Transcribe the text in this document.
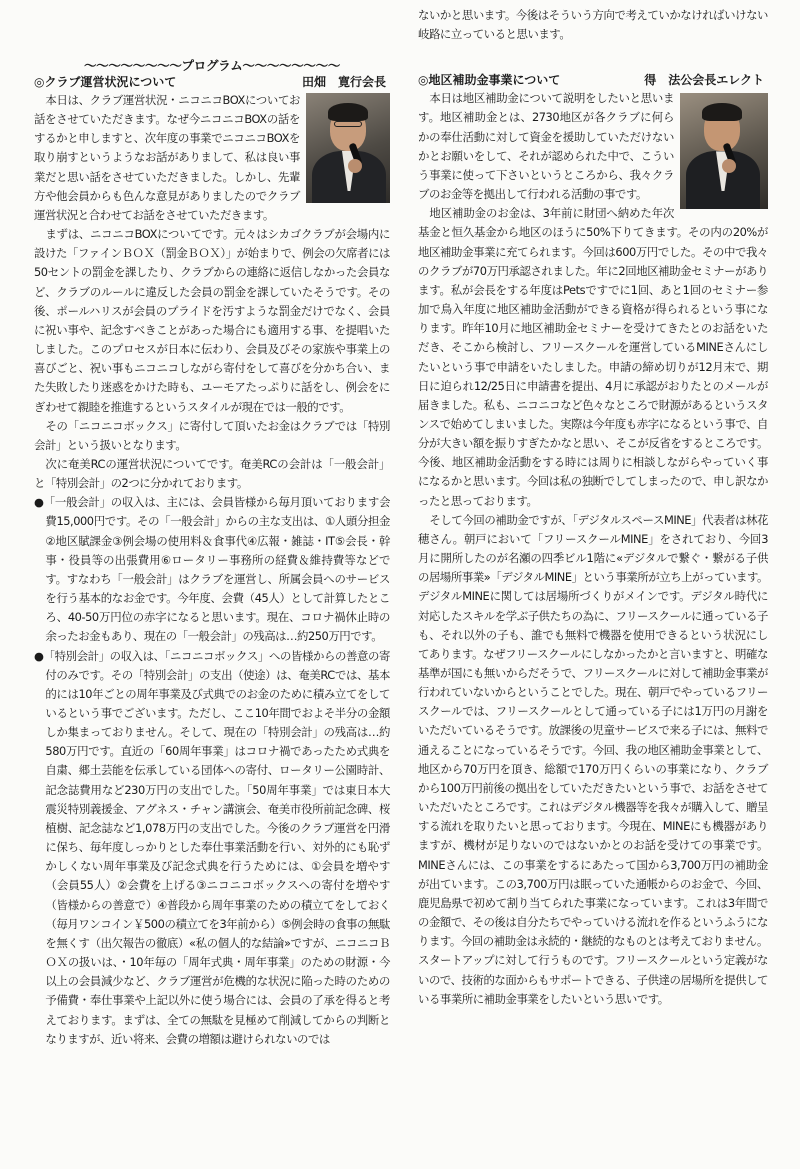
〜〜〜〜〜〜〜〜プログラム〜〜〜〜〜〜〜〜
◎クラブ運営状況について	田畑　寛行会長

本日は、クラブ運営状況・ニコニコBOXについてお話をさせていただきます。なぜ今ニコニコBOXの話をするかと申しますと、次年度の事業でニコニコBOXを取り崩すというようなお話がありまして、私は良い事業だと思い話をさせていただきました。しかし、先輩方や他会員からも色んな意見がありましたのでクラブ運営状況と合わせてお話をさせていただきます。

まずは、ニコニコBOXについてです。元々はシカゴクラブが会場内に設けた「ファインＢＯＸ（罰金ＢＯＸ）」が始まりで、例会の欠席者には50セントの罰金を課したり、クラブからの連絡に返信しなかった会員など、クラブのルールに違反した会員の罰金を課していたそうです。その後、ポールハリスが会員のプライドを汚すような罰金だけでなく、会員に祝い事や、記念すべきことがあった場合にも適用する事、を提唱いたしました。このプロセスが日本に伝わり、会員及びその家族や事業上の喜びごと、祝い事もニコニコしながら寄付をして喜びを分かち合い、また失敗したり迷惑をかけた時も、ユーモアたっぷりに話をし、例会をにぎわせて親睦を推進するというスタイルが現在では一般的です。

その「ニコニコボックス」に寄付して頂いたお金はクラブでは「特別会計」という扱いとなります。

次に奄美RCの運営状況についてです。奄美RCの会計は「一般会計」と「特別会計」の2つに分かれております。

●「一般会計」の収入は、主には、会員皆様から毎月頂いております会費15,000円です。その「一般会計」からの主な支出は、①人頭分担金②地区賦課金③例会場の使用料＆食事代④広報・雑誌・IT⑤会長・幹事・役員等の出張費用⑥ロータリー事務所の経費＆維持費等などです。すなわち「一般会計」はクラブを運営し、所属会員へのサービスを行う基本的なお金です。今年度、会費（45人）として計算したところ、40-50万円位の赤字になると思います。現在、コロナ禍休止時の余ったお金もあり、現在の「一般会計」の残高は…約250万円です。

●「特別会計」の収入は、「ニコニコボックス」への皆様からの善意の寄付のみです。その「特別会計」の支出（使途）は、奄美RCでは、基本的には10年ごとの周年事業及び式典でのお金のために積み立てをしているという事でございます。ただし、ここ10年間でおよそ半分の金額しか集まっておりません。そして、現在の「特別会計」の残高は…約580万円です。直近の「60周年事業」はコロナ禍であったため式典を自粛、郷土芸能を伝承している団体への寄付、ロータリー公園時計、記念誌費用など230万円の支出でした。「50周年事業」では東日本大震災特別義援金、アグネス・チャン講演会、奄美市役所前記念碑、桜植樹、記念誌など1,078万円の支出でした。今後のクラブ運営を円滑に保ち、毎年度しっかりとした奉仕事業活動を行い、対外的にも恥ずかしくない周年事業及び記念式典を行うためには、①会員を増やす（会員55人）②会費を上げる③ニコニコボックスへの寄付を増やす（皆様からの善意で）④普段から周年事業のための積立てをしておく（毎月ワンコイン￥500の積立てを3年前から）⑤例会時の食事の無駄を無くす（出欠報告の徹底）«私の個人的な結論»ですが、ニコニコＢＯＸの扱いは、・10年毎の「周年式典・周年事業」のための財源・今以上の会員減少など、クラブ運営が危機的な状況に陥った時のための予備費・奉仕事業や上記以外に使う場合には、会員の了承を得ると考えております。まずは、全ての無駄を見極めて削減してからの判断となりますが、近い将来、会費の増額は避けられないのでは

ないかと思います。今後はそういう方向で考えていかなければいけない岐路に立っていると思います。

◎地区補助金事業について	得　法公会長エレクト

本日は地区補助金について説明をしたいと思います。地区補助金とは、2730地区が各クラブに何らかの奉仕活動に対して資金を援助していただけないかとお願いをして、それが認められた中で、こういう事業に使って下さいというところから、我々クラブのお金等を拠出して行われる活動の事です。

地区補助金のお金は、3年前に財団へ納めた年次基金と恒久基金から地区のほうに50%下りてきます。その内の20%が地区補助金事業に充てられます。今回は600万円でした。その中で我々のクラブが70万円承認されました。年に2回地区補助金セミナーがあります。私が会長をする年度はPetsですでに1回、あと1回のセミナー参加で鳥入年度に地区補助金活動ができる資格が得られるという事になります。昨年10月に地区補助金セミナーを受けてきたとのお話をいただき、そこから検討し、フリースクールを運営しているMINEさんにしたいという事で申請をいたしました。申請の締め切りが12月末で、期日に迫られ12/25日に申請書を提出、4月に承認がおりたとのメールが届きました。私も、ニコニコなど色々なところで財源があるというスタンスで始めてしまいました。実際は今年度も赤字になるという事で、自分が大きい額を振りすぎたかなと思い、そこが反省をするところです。今後、地区補助金活動をする時には周りに相談しながらやっていく事になるかと思います。今回は私の独断でしてしまったので、申し訳なかったと思っております。

そして今回の補助金ですが、「デジタルスペースMINE」代表者は林花穂さん。朝戸において「フリースクールMINE」をされており、今回3月に開所したのが名瀬の四季ビル1階に«デジタルで繋ぐ・繋がる子供の居場所事業»「デジタルMINE」という事業所が立ち上がっています。デジタルMINEに関しては居場所づくりがメインです。デジタル時代に対応したスキルを学ぶ子供たちの為に、フリースクールに通っている子も、それ以外の子も、誰でも無料で機器を使用できるという状況にしてあります。なぜフリースクールにしなかったかと言いますと、明確な基準が国にも無いからだそうで、フリースクールに対して補助金事業が行われていないからということでした。現在、朝戸でやっているフリースクールでは、フリースクールとして通っている子には1万円の月謝をいただいているそうです。放課後の児童サービスで来る子には、無料で通えることになっているそうです。今回、我の地区補助金事業として、地区から70万円を頂き、総額で170万円くらいの事業になり、クラブから100万円前後の拠出をしていただきたいという事で、お話をさせていただいたところです。これはデジタル機器等を我々が購入して、贈呈する流れを取りたいと思っております。今現在、MINEにも機器がありますが、機材が足りないのではないかとのお話を受けての事業です。MINEさんには、この事業をするにあたって国から3,700万円の補助金が出ています。この3,700万円は眠っていた通帳からのお金で、今回、鹿児島県で初めて割り当てられた事業になっています。これは3年間での金額で、その後は自分たちでやっていける流れを作るというふうになります。今回の補助金は永続的・継続的なものとは考えておりません。スタートアップに対して行うものです。フリースクールという定義がないので、技術的な面からもサポートできる、子供達の居場所を提供している事業所に補助金事業をしたいという思いです。
